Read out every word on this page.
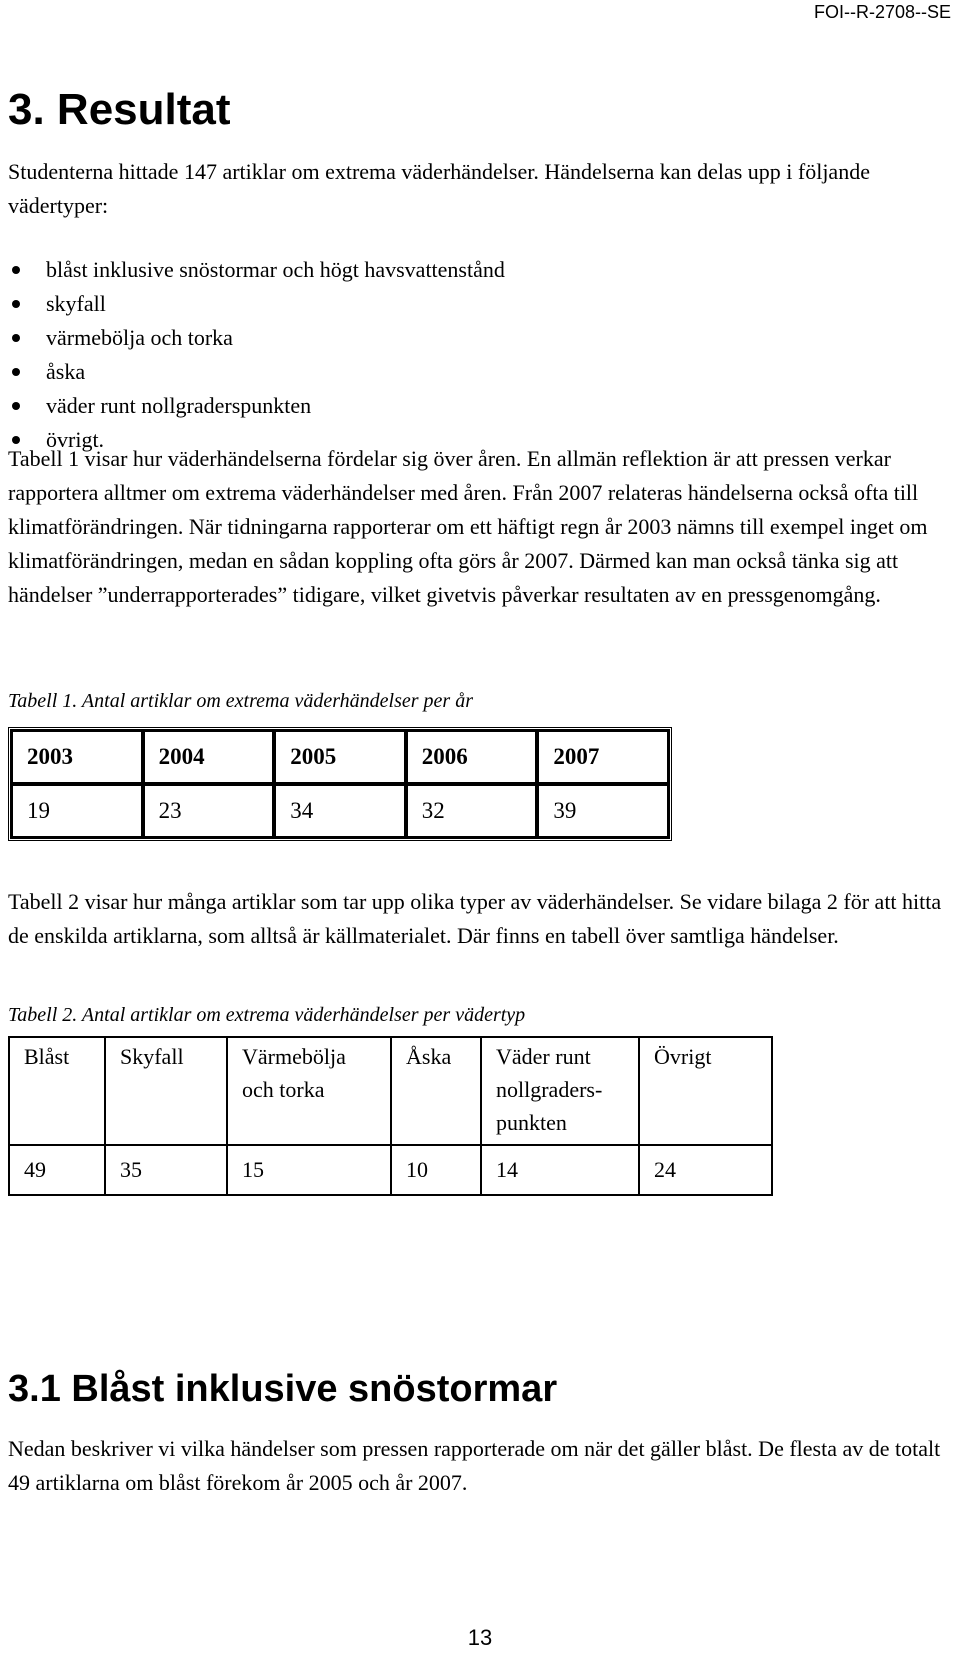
FOI--R-2708--SE
3. Resultat

Studenterna hittade 147 artiklar om extrema väderhändelser. Händelserna kan delas upp i följande vädertyper:

blåst inklusive snöstormar och högt havsvattenstånd
skyfall
värmebölja och torka
åska
väder runt nollgraderspunkten
övrigt.

Tabell 1 visar hur väderhändelserna fördelar sig över åren. En allmän reflektion är att pressen verkar rapportera alltmer om extrema väderhändelser med åren. Från 2007 relateras händelserna också ofta till klimatförändringen. När tidningarna rapporterar om ett häftigt regn år 2003 nämns till exempel inget om klimatförändringen, medan en sådan koppling ofta görs år 2007. Därmed kan man också tänka sig att händelser ”underrapporterades” tidigare, vilket givetvis påverkar resultaten av en pressgenomgång.

Tabell 1. Antal artiklar om extrema väderhändelser per år

2003	2004	2005	2006	2007
19	23	34	32	39

Tabell 2 visar hur många artiklar som tar upp olika typer av väderhändelser. Se vidare bilaga 2 för att hitta de enskilda artiklarna, som alltså är källmaterialet. Där finns en tabell över samtliga händelser.

Tabell 2. Antal artiklar om extrema väderhändelser per vädertyp

Blåst	Skyfall	Värmebölja och torka	Åska	Väder runt nollgraders-punkten	Övrigt
49	35	15	10	14	24
3.1 Blåst inklusive snöstormar

Nedan beskriver vi vilka händelser som pressen rapporterade om när det gäller blåst. De flesta av de totalt 49 artiklarna om blåst förekom år 2005 och år 2007.

13
